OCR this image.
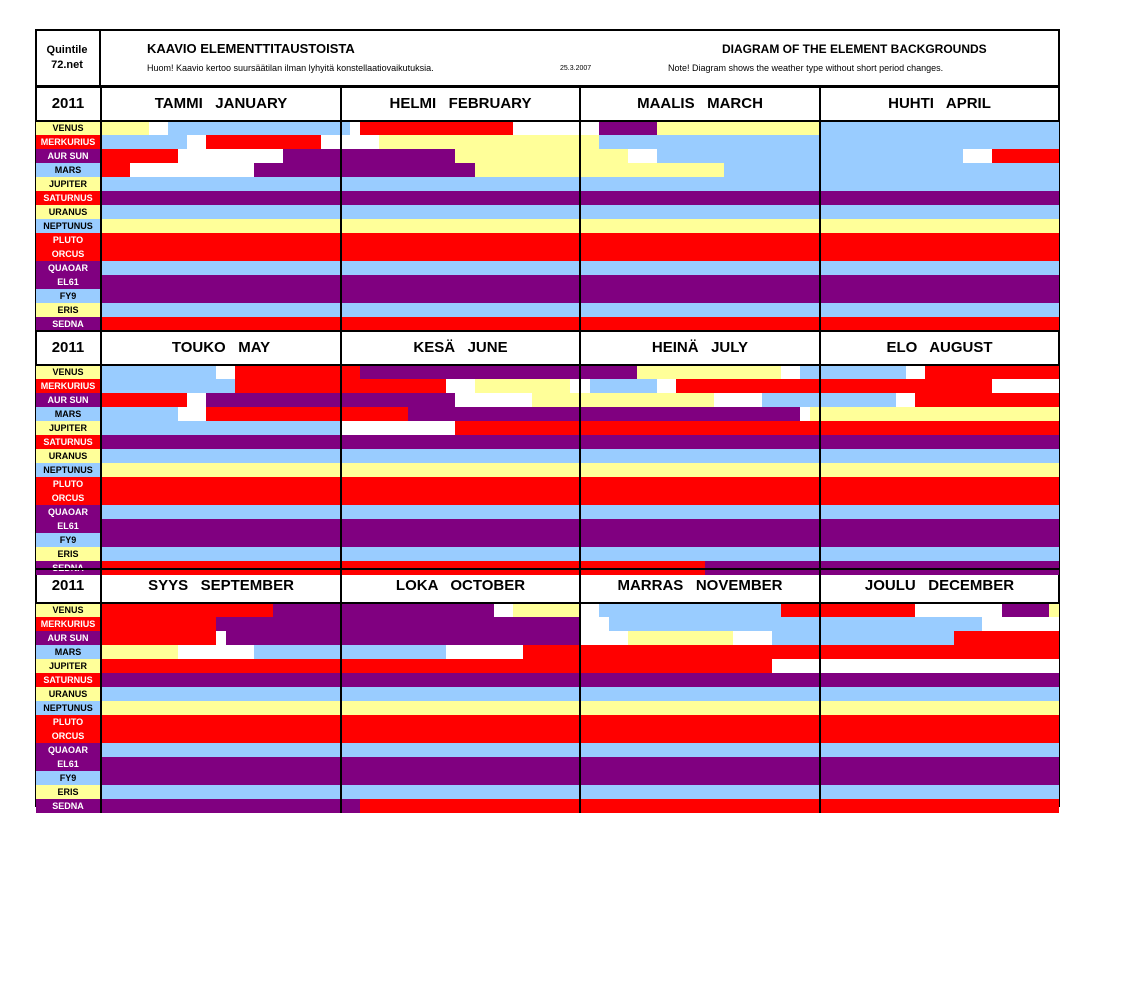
Quintile
72.net
KAAVIO ELEMENTTITAUSTOISTA
Huom! Kaavio kertoo suursäätilan ilman lyhyitä konstellaatiovaikutuksia.	25.3.2007
DIAGRAM OF THE ELEMENT BACKGROUNDS
Note! Diagram shows the weather type without short period changes.
2011	TAMMI   JANUARY	HELMI   FEBRUARY	MAALIS   MARCH	HUHTI   APRIL
VENUS
MERKURIUS
AUR SUN
MARS
JUPITER
SATURNUS
URANUS
NEPTUNUS
PLUTO
ORCUS
QUAOAR
EL61
FY9
ERIS
SEDNA
2011	TOUKO   MAY	KESÄ   JUNE	HEINÄ   JULY	ELO   AUGUST
VENUS
MERKURIUS
AUR SUN
MARS
JUPITER
SATURNUS
URANUS
NEPTUNUS
PLUTO
ORCUS
QUAOAR
EL61
FY9
ERIS
2011	SYYS   SEPTEMBER	LOKA   OCTOBER	MARRAS   NOVEMBER	JOULU   DECEMBER
VENUS
MERKURIUS
AUR SUN
MARS
JUPITER
SATURNUS
URANUS
NEPTUNUS
PLUTO
ORCUS
QUAOAR
EL61
FY9
ERIS
SEDNA
